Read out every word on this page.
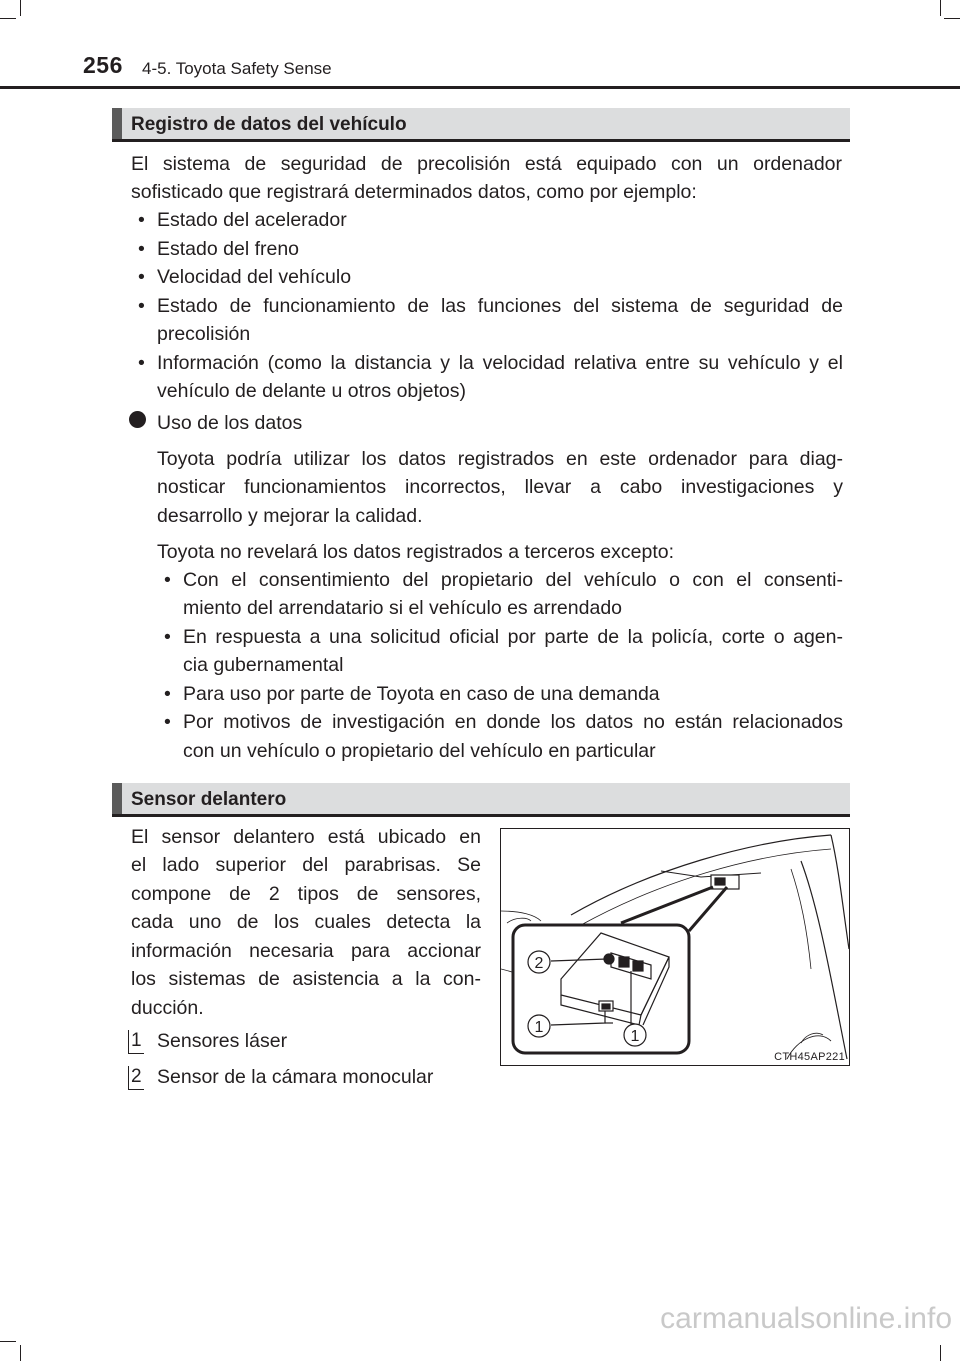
256 4-5. Toyota Safety Sense
Registro de datos del vehículo
El sistema de seguridad de precolisión está equipado con un ordenador
sofisticado que registrará determinados datos, como por ejemplo:
• Estado del acelerador
• Estado del freno
• Velocidad del vehículo
• Estado de funcionamiento de las funciones del sistema de seguridad de
precolisión
• Información (como la distancia y la velocidad relativa entre su vehículo y el
vehículo de delante u otros objetos)
Uso de los datos
Toyota podría utilizar los datos registrados en este ordenador para diag-
nosticar funcionamientos incorrectos, llevar a cabo investigaciones y
desarrollo y mejorar la calidad.
Toyota no revelará los datos registrados a terceros excepto:
• Con el consentimiento del propietario del vehículo o con el consenti-
miento del arrendatario si el vehículo es arrendado
• En respuesta a una solicitud oficial por parte de la policía, corte o agen-
cia gubernamental
• Para uso por parte de Toyota en caso de una demanda
• Por motivos de investigación en donde los datos no están relacionados
con un vehículo o propietario del vehículo en particular
Sensor delantero
El sensor delantero está ubicado en
el lado superior del parabrisas. Se
compone de 2 tipos de sensores,
cada uno de los cuales detecta la
información necesaria para accionar
los sistemas de asistencia a la con-
ducción.
1 Sensores láser
2 Sensor de la cámara monocular
2
1
1
CTH45AP221
carmanualsonline.info
